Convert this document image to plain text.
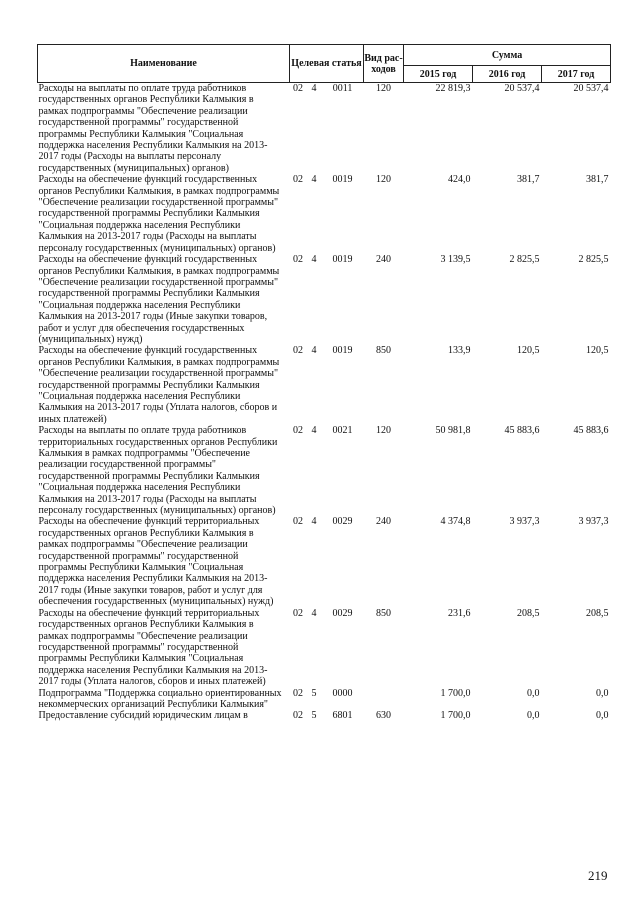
Наименование	Целевая статья			Вид рас-ходов	Сумма		
					2015 год	2016 год	2017 год
Расходы на выплаты по оплате труда работников государственных органов Республики Калмыкия в рамках подпрограммы "Обеспечение реализации государственной программы" государственной программы Республики Калмыкия "Социальная поддержка населения Республики Калмыкия на 2013-2017 годы (Расходы на выплаты персоналу государственных (муниципальных) органов)	02	4	0011	120	22 819,3	20 537,4	20 537,4
Расходы на обеспечение функций государственных органов Республики Калмыкия, в рамках подпрограммы "Обеспечение реализации государственной программы" государственной программы Республики Калмыкия "Социальная поддержка населения Республики Калмыкия на 2013-2017 годы (Расходы на выплаты персоналу государственных (муниципальных) органов)	02	4	0019	120	424,0	381,7	381,7
Расходы на обеспечение функций государственных органов Республики Калмыкия, в рамках подпрограммы "Обеспечение реализации государственной программы" государственной программы Республики Калмыкия "Социальная поддержка населения Республики Калмыкия на 2013-2017 годы (Иные закупки товаров, работ и услуг для обеспечения государственных (муниципальных) нужд)	02	4	0019	240	3 139,5	2 825,5	2 825,5
Расходы на обеспечение функций государственных органов Республики Калмыкия, в рамках подпрограммы "Обеспечение реализации государственной программы" государственной программы Республики Калмыкия "Социальная поддержка населения Республики Калмыкия на 2013-2017 годы (Уплата налогов, сборов и иных платежей)	02	4	0019	850	133,9	120,5	120,5
Расходы на выплаты по оплате труда работников территориальных государственных органов Республики Калмыкия в рамках подпрограммы "Обеспечение реализации государственной программы" государственной программы Республики Калмыкия "Социальная поддержка населения Республики Калмыкия на 2013-2017 годы (Расходы на выплаты персоналу государственных (муниципальных) органов)	02	4	0021	120	50 981,8	45 883,6	45 883,6
Расходы на обеспечение функций территориальных государственных органов Республики Калмыкия в рамках подпрограммы "Обеспечение реализации государственной программы" государственной программы Республики Калмыкия "Социальная поддержка населения Республики Калмыкия на 2013-2017 годы (Иные закупки товаров, работ и услуг для обеспечения государственных (муниципальных) нужд)	02	4	0029	240	4 374,8	3 937,3	3 937,3
Расходы на обеспечение функций территориальных государственных органов Республики Калмыкия в рамках подпрограммы "Обеспечение реализации государственной программы" государственной программы Республики Калмыкия "Социальная поддержка населения Республики Калмыкия на 2013-2017 годы (Уплата налогов, сборов и иных платежей)	02	4	0029	850	231,6	208,5	208,5
Подпрограмма "Поддержка социально ориентированных некоммерческих организаций Республики Калмыкия"	02	5	0000		1 700,0	0,0	0,0
Предоставление субсидий юридическим лицам в	02	5	6801	630	1 700,0	0,0	0,0
219
